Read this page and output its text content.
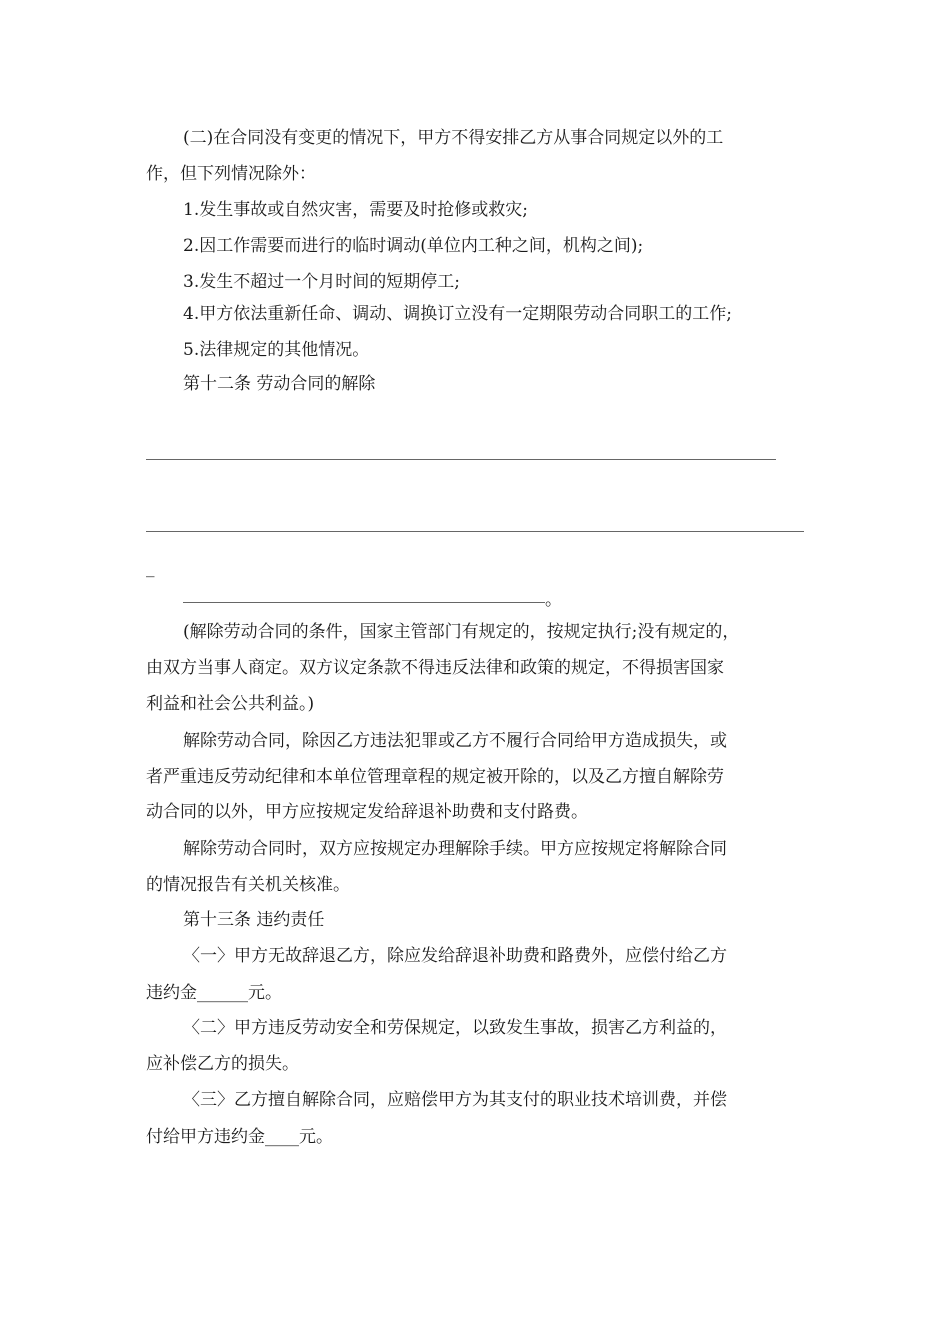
(二)在合同没有变更的情况下，甲方不得安排乙方从事合同规定以外的工
作，但下列情况除外：
1.发生事故或自然灾害，需要及时抢修或救灾;
2.因工作需要而进行的临时调动(单位内工种之间，机构之间);
3.发生不超过一个月时间的短期停工;
4.甲方依法重新任命、调动、调换订立没有一定期限劳动合同职工的工作;
5.法律规定的其他情况。
第十二条 劳动合同的解除
_
。
(解除劳动合同的条件，国家主管部门有规定的，按规定执行;没有规定的，
由双方当事人商定。双方议定条款不得违反法律和政策的规定，不得损害国家
利益和社会公共利益。)
解除劳动合同，除因乙方违法犯罪或乙方不履行合同给甲方造成损失，或
者严重违反劳动纪律和本单位管理章程的规定被开除的，以及乙方擅自解除劳
动合同的以外，甲方应按规定发给辞退补助费和支付路费。
解除劳动合同时，双方应按规定办理解除手续。甲方应按规定将解除合同
的情况报告有关机关核准。
第十三条 违约责任
〈一〉甲方无故辞退乙方，除应发给辞退补助费和路费外，应偿付给乙方
违约金______元。
〈二〉甲方违反劳动安全和劳保规定，以致发生事故，损害乙方利益的，
应补偿乙方的损失。
〈三〉乙方擅自解除合同，应赔偿甲方为其支付的职业技术培训费，并偿
付给甲方违约金____元。
